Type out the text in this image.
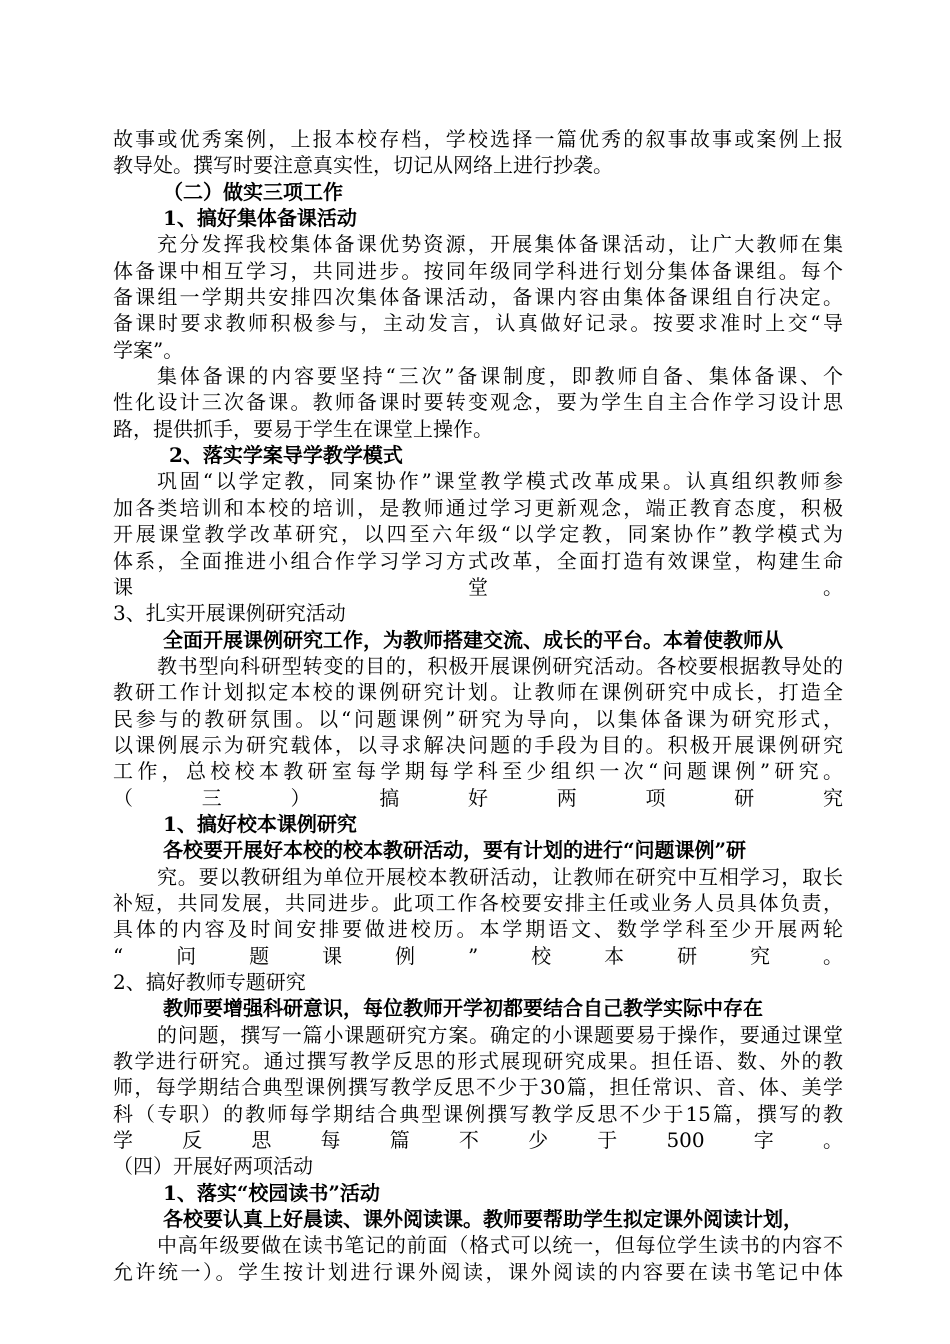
故事或优秀案例，上报本校存档，学校选择一篇优秀的叙事故事或案例上报
教导处。撰写时要注意真实性，切记从网络上进行抄袭。
（二）做实三项工作
1、搞好集体备课活动
充分发挥我校集体备课优势资源，开展集体备课活动，让广大教师在集
体备课中相互学习，共同进步。按同年级同学科进行划分集体备课组。每个
备课组一学期共安排四次集体备课活动，备课内容由集体备课组自行决定。
备课时要求教师积极参与，主动发言，认真做好记录。按要求准时上交“导
学案”。
集体备课的内容要坚持“三次”备课制度，即教师自备、集体备课、个
性化设计三次备课。教师备课时要转变观念，要为学生自主合作学习设计思
路，提供抓手，要易于学生在课堂上操作。
2、落实学案导学教学模式
巩固“以学定教，同案协作”课堂教学模式改革成果。认真组织教师参
加各类培训和本校的培训，是教师通过学习更新观念，端正教育态度，积极
开展课堂教学改革研究，以四至六年级“以学定教，同案协作”教学模式为
体系，全面推进小组合作学习学习方式改革，全面打造有效课堂，构建生命
课堂。
3、扎实开展课例研究活动
全面开展课例研究工作，为教师搭建交流、成长的平台。本着使教师从
教书型向科研型转变的目的，积极开展课例研究活动。各校要根据教导处的
教研工作计划拟定本校的课例研究计划。让教师在课例研究中成长，打造全
民参与的教研氛围。以“问题课例”研究为导向，以集体备课为研究形式，
以课例展示为研究载体，以寻求解决问题的手段为目的。积极开展课例研究
工作，总校校本教研室每学期每学科至少组织一次“问题课例”研究。
（三）搞好两项研究
1、搞好校本课例研究
各校要开展好本校的校本教研活动，要有计划的进行“问题课例”研
究。要以教研组为单位开展校本教研活动，让教师在研究中互相学习，取长
补短，共同发展，共同进步。此项工作各校要安排主任或业务人员具体负责，
具体的内容及时间安排要做进校历。本学期语文、数学学科至少开展两轮
“问题课例”校本研究。
2、搞好教师专题研究
教师要增强科研意识，每位教师开学初都要结合自己教学实际中存在
的问题，撰写一篇小课题研究方案。确定的小课题要易于操作，要通过课堂
教学进行研究。通过撰写教学反思的形式展现研究成果。担任语、数、外的教
师，每学期结合典型课例撰写教学反思不少于30篇，担任常识、音、体、美学
科（专职）的教师每学期结合典型课例撰写教学反思不少于15篇，撰写的教
学反思每篇不少于500字。
（四）开展好两项活动
1、落实“校园读书”活动
各校要认真上好晨读、课外阅读课。教师要帮助学生拟定课外阅读计划，
中高年级要做在读书笔记的前面（格式可以统一，但每位学生读书的内容不
允许统一）。学生按计划进行课外阅读，课外阅读的内容要在读书笔记中体
